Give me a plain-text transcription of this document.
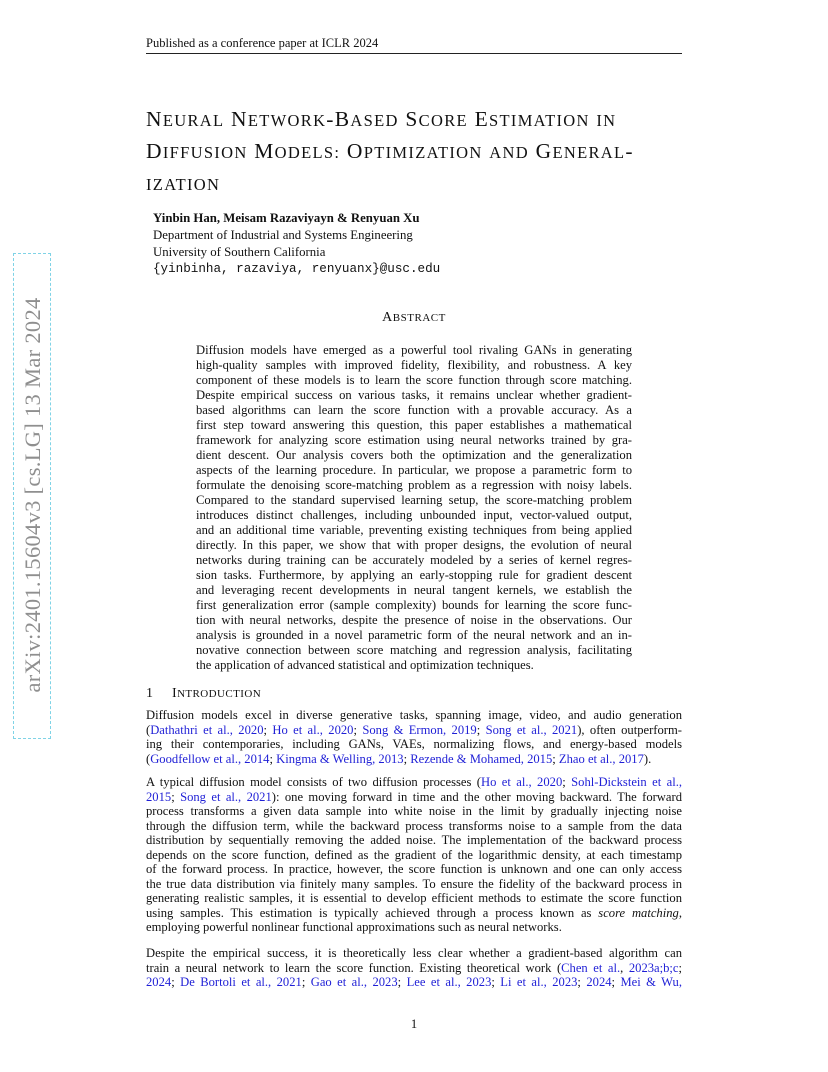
Published as a conference paper at ICLR 2024
arXiv:2401.15604v3 [cs.LG] 13 Mar 2024
NEURAL NETWORK-BASED SCORE ESTIMATION IN
DIFFUSION MODELS: OPTIMIZATION AND GENERAL-
IZATION
Yinbin Han, Meisam Razaviyayn & Renyuan Xu
Department of Industrial and Systems Engineering
University of Southern California
{yinbinha, razaviya, renyuanx}@usc.edu
ABSTRACT
Diffusion models have emerged as a powerful tool rivaling GANs in generating
high-quality samples with improved fidelity, flexibility, and robustness. A key
component of these models is to learn the score function through score matching.
Despite empirical success on various tasks, it remains unclear whether gradient-
based algorithms can learn the score function with a provable accuracy. As a
first step toward answering this question, this paper establishes a mathematical
framework for analyzing score estimation using neural networks trained by gra-
dient descent. Our analysis covers both the optimization and the generalization
aspects of the learning procedure. In particular, we propose a parametric form to
formulate the denoising score-matching problem as a regression with noisy labels.
Compared to the standard supervised learning setup, the score-matching problem
introduces distinct challenges, including unbounded input, vector-valued output,
and an additional time variable, preventing existing techniques from being applied
directly. In this paper, we show that with proper designs, the evolution of neural
networks during training can be accurately modeled by a series of kernel regres-
sion tasks. Furthermore, by applying an early-stopping rule for gradient descent
and leveraging recent developments in neural tangent kernels, we establish the
first generalization error (sample complexity) bounds for learning the score func-
tion with neural networks, despite the presence of noise in the observations. Our
analysis is grounded in a novel parametric form of the neural network and an in-
novative connection between score matching and regression analysis, facilitating
the application of advanced statistical and optimization techniques.
1 INTRODUCTION
Diffusion models excel in diverse generative tasks, spanning image, video, and audio generation
(Dathathri et al., 2020; Ho et al., 2020; Song & Ermon, 2019; Song et al., 2021), often outperform-
ing their contemporaries, including GANs, VAEs, normalizing flows, and energy-based models
(Goodfellow et al., 2014; Kingma & Welling, 2013; Rezende & Mohamed, 2015; Zhao et al., 2017).
A typical diffusion model consists of two diffusion processes (Ho et al., 2020; Sohl-Dickstein et al.,
2015; Song et al., 2021): one moving forward in time and the other moving backward. The forward
process transforms a given data sample into white noise in the limit by gradually injecting noise
through the diffusion term, while the backward process transforms noise to a sample from the data
distribution by sequentially removing the added noise. The implementation of the backward process
depends on the score function, defined as the gradient of the logarithmic density, at each timestamp
of the forward process. In practice, however, the score function is unknown and one can only access
the true data distribution via finitely many samples. To ensure the fidelity of the backward process in
generating realistic samples, it is essential to develop efficient methods to estimate the score function
using samples. This estimation is typically achieved through a process known as score matching,
employing powerful nonlinear functional approximations such as neural networks.
Despite the empirical success, it is theoretically less clear whether a gradient-based algorithm can
train a neural network to learn the score function. Existing theoretical work (Chen et al., 2023a;b;c;
2024; De Bortoli et al., 2021; Gao et al., 2023; Lee et al., 2023; Li et al., 2023; 2024; Mei & Wu,
1
